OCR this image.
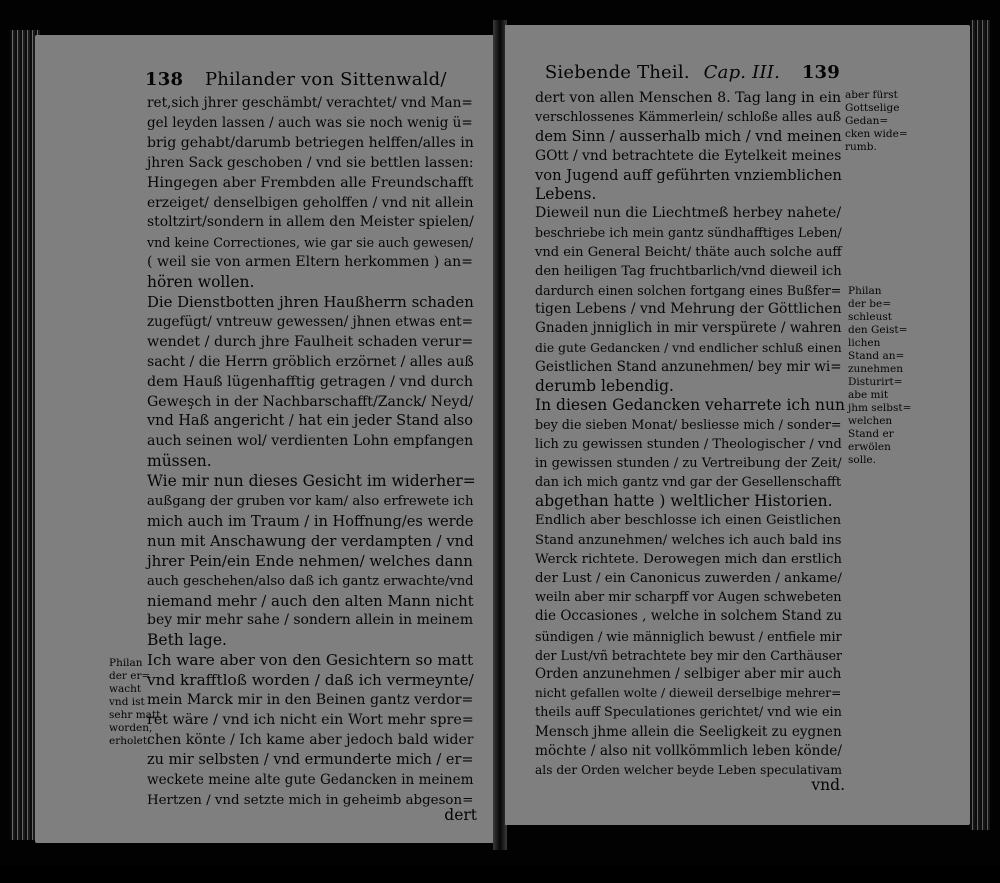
138 Philander von Sittenwald/
ret,sich jhrer geschämbt/ verachtet/ vnd Man=
gel leyden lassen / auch was sie noch wenig ü=
brig gehabt/darumb betriegen helffen/alles in
jhren Sack geschoben / vnd sie bettlen lassen:
Hingegen aber Frembden alle Freundschafft
erzeiget/ denselbigen geholffen / vnd nit allein
stoltzirt/sondern in allem den Meister spielen/
vnd keine Correctiones, wie gar sie auch gewesen/
( weil sie von armen Eltern herkommen ) an=
hören wollen.
Die Dienstbotten jhren Haußherrn schaden
zugefügt/ vntreuw gewessen/ jhnen etwas ent=
wendet / durch jhre Faulheit schaden verur=
sacht / die Herrn gröblich erzörnet / alles auß
dem Hauß lügenhafftig getragen / vnd durch
Geweşch in der Nachbarschafft/Zanck/ Neyd/
vnd Haß angericht / hat ein jeder Stand also
auch seinen wol/ verdienten Lohn empfangen
müssen.
Wie mir nun dieses Gesicht im widerher=
außgang der gruben vor kam/ also erfrewete ich
mich auch im Traum / in Hoffnung/es werde
nun mit Anschawung der verdampten / vnd
jhrer Pein/ein Ende nehmen/ welches dann
auch geschehen/also daß ich gantz erwachte/vnd
niemand mehr / auch den alten Mann nicht
bey mir mehr sahe / sondern allein in meinem
Beth lage.
Ich ware aber von den Gesichtern so matt
vnd krafftloß worden / daß ich vermeynte/
mein Marck mir in den Beinen gantz verdor=
ret wäre / vnd ich nicht ein Wort mehr spre=
chen könte / Ich kame aber jedoch bald wider
zu mir selbsten / vnd ermunderte mich / er=
weckete meine alte gute Gedancken in meinem
Hertzen / vnd setzte mich in geheimb abgeson=
dert
Philan
der er=
wacht
vnd ist
sehr matt
worden,
erholet.
Siebende Theil. Cap. III. 139
dert von allen Menschen 8. Tag lang in ein
verschlossenes Kämmerlein/ schloße alles auß
dem Sinn / ausserhalb mich / vnd meinen
GOtt / vnd betrachtete die Eytelkeit meines
von Jugend auff geführten vnziemblichen
Lebens.
Dieweil nun die Liechtmeß herbey nahete/
beschriebe ich mein gantz sündhafftiges Leben/
vnd ein General Beicht/ thäte auch solche auff
den heiligen Tag fruchtbarlich/vnd dieweil ich
dardurch einen solchen fortgang eines Bußfer=
tigen Lebens / vnd Mehrung der Göttlichen
Gnaden jnniglich in mir verspürete / wahren
die gute Gedancken / vnd endlicher schluß einen
Geistlichen Stand anzunehmen/ bey mir wi=
derumb lebendig.
In diesen Gedancken veharrete ich nun
bey die sieben Monat/ besliesse mich / sonder=
lich zu gewissen stunden / Theologischer / vnd
in gewissen stunden / zu Vertreibung der Zeit/
dan ich mich gantz vnd gar der Gesellenschafft
abgethan hatte ) weltlicher Historien.
Endlich aber beschlosse ich einen Geistlichen
Stand anzunehmen/ welches ich auch bald ins
Werck richtete. Derowegen mich dan erstlich
der Lust / ein Canonicus zuwerden / ankame/
weiln aber mir scharpff vor Augen schwebeten
die Occasiones , welche in solchem Stand zu
sündigen / wie männiglich bewust / entfiele mir
der Lust/vñ betrachtete bey mir den Carthäuser
Orden anzunehmen / selbiger aber mir auch
nicht gefallen wolte / dieweil derselbige mehrer=
theils auff Speculationes gerichtet/ vnd wie ein
Mensch jhme allein die Seeligkeit zu eygnen
möchte / also nit vollkömmlich leben könde/
als der Orden welcher beyde Leben speculativam
vnd.
aber fürst
Gottselige
Gedan=
cken wide=
rumb.
Philan
der be=
schleust
den Geist=
lichen
Stand an=
zunehmen
Disturirt=
abe mit
jhm selbst=
welchen
Stand er
erwölen
solle.
